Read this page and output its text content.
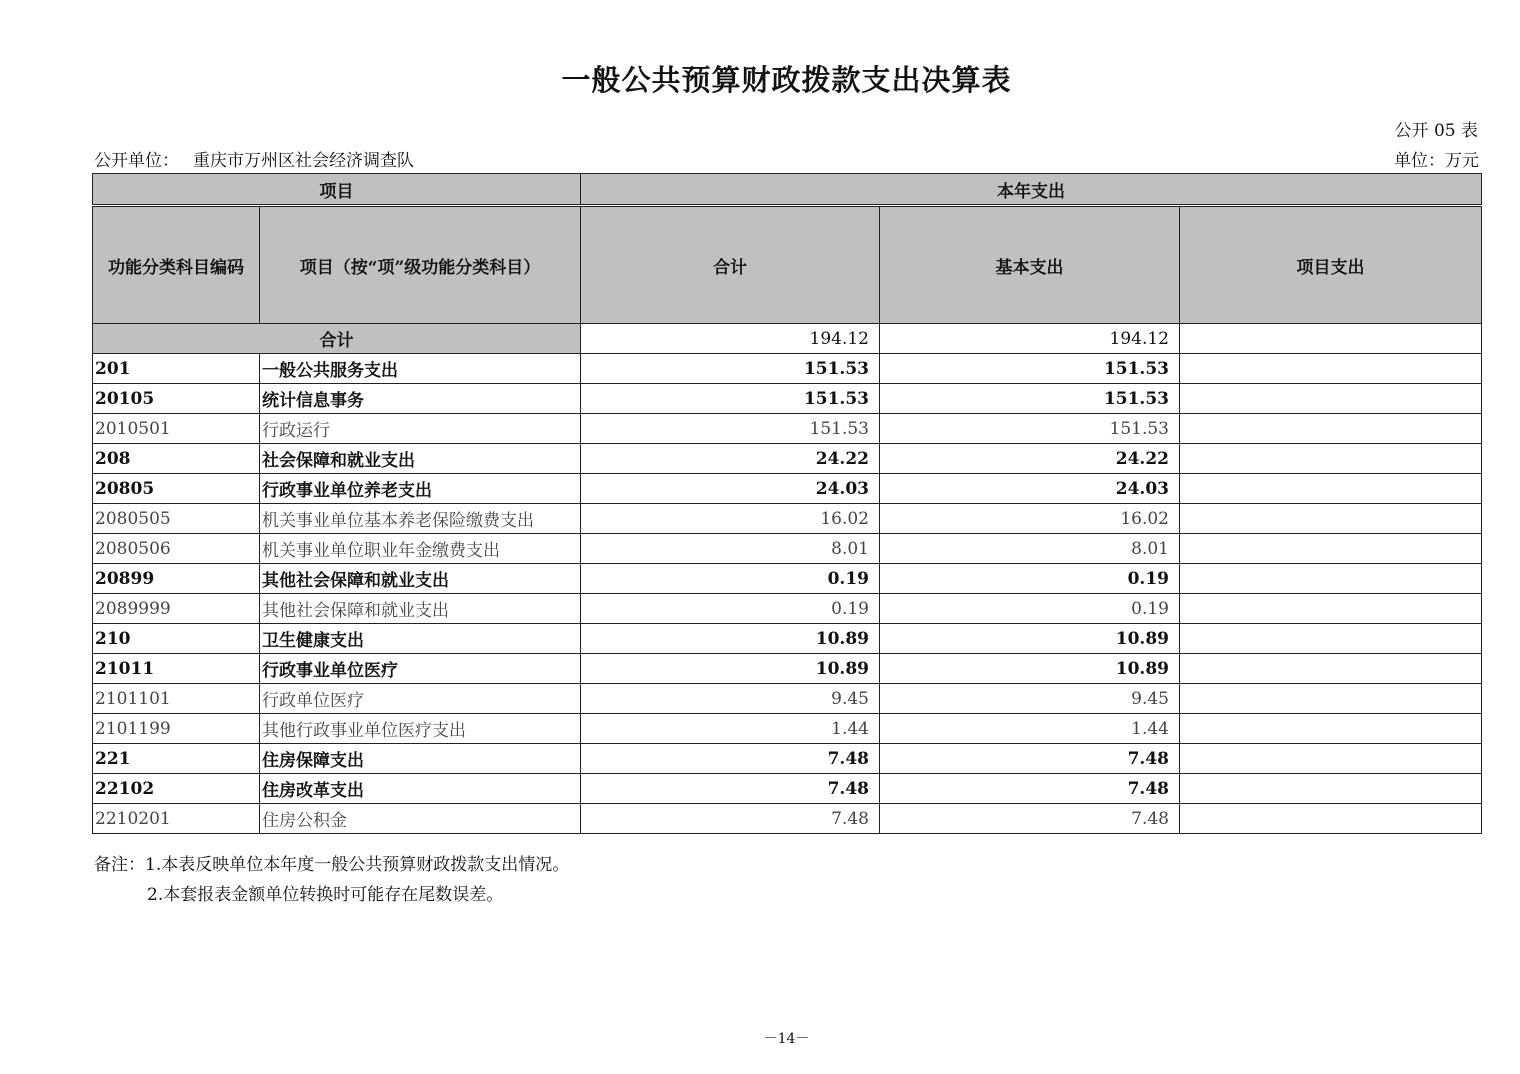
一般公共预算财政拨款支出决算表
公开 05 表
公开单位： 重庆市万州区社会经济调查队	单位：万元
项目		本年支出		
功能分类科目编码	项目（按“项”级功能分类科目）	合计	基本支出	项目支出
合计		194.12	194.12	
201	一般公共服务支出	151.53	151.53	
20105	统计信息事务	151.53	151.53	
2010501	行政运行	151.53	151.53	
208	社会保障和就业支出	24.22	24.22	
20805	行政事业单位养老支出	24.03	24.03	
2080505	机关事业单位基本养老保险缴费支出	16.02	16.02	
2080506	机关事业单位职业年金缴费支出	8.01	8.01	
20899	其他社会保障和就业支出	0.19	0.19	
2089999	其他社会保障和就业支出	0.19	0.19	
210	卫生健康支出	10.89	10.89	
21011	行政事业单位医疗	10.89	10.89	
2101101	行政单位医疗	9.45	9.45	
2101199	其他行政事业单位医疗支出	1.44	1.44	
221	住房保障支出	7.48	7.48	
22102	住房改革支出	7.48	7.48	
2210201	住房公积金	7.48	7.48	
备注：1.本表反映单位本年度一般公共预算财政拨款支出情况。
2.本套报表金额单位转换时可能存在尾数误差。
－14－
